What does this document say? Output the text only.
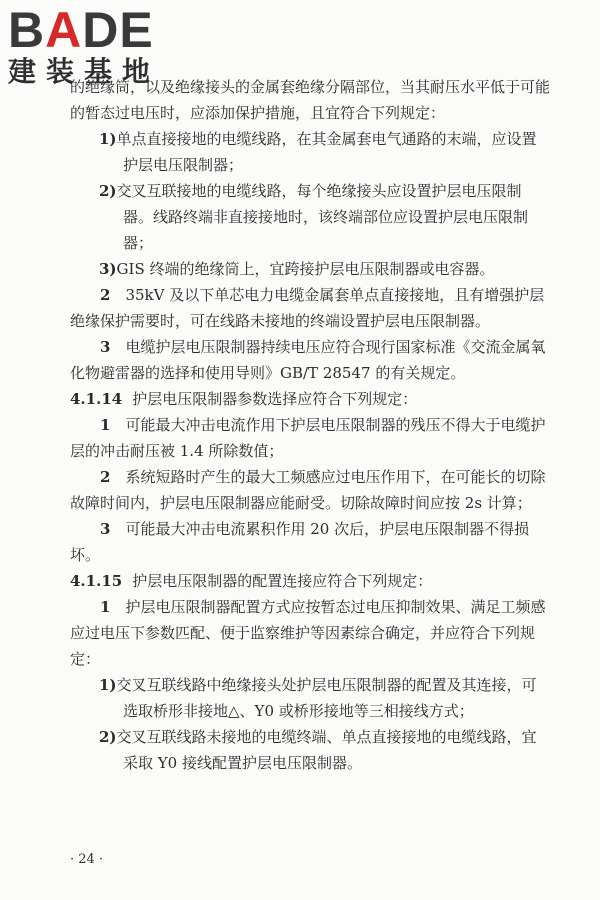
BADE
建装基地

的绝缘筒，以及绝缘接头的金属套绝缘分隔部位，当其耐压水平低于可能的暂态过电压时，应添加保护措施，且宜符合下列规定：

1)单点直接接地的电缆线路，在其金属套电气通路的末端，应设置护层电压限制器；

2)交叉互联接地的电缆线路，每个绝缘接头应设置护层电压限制器。线路终端非直接接地时，该终端部位应设置护层电压限制器；

3)GIS 终端的绝缘筒上，宜跨接护层电压限制器或电容器。

2　 35kV 及以下单芯电力电缆金属套单点直接接地，且有增强护层绝缘保护需要时，可在线路未接地的终端设置护层电压限制器。

3　 电缆护层电压限制器持续电压应符合现行国家标准《交流金属氧化物避雷器的选择和使用导则》GB/T 28547 的有关规定。

4.1.14 护层电压限制器参数选择应符合下列规定：

1　 可能最大冲击电流作用下护层电压限制器的残压不得大于电缆护层的冲击耐压被 1.4 所除数值；

2　 系统短路时产生的最大工频感应过电压作用下，在可能长的切除故障时间内，护层电压限制器应能耐受。切除故障时间应按 2s 计算；

3　 可能最大冲击电流累积作用 20 次后，护层电压限制器不得损坏。

4.1.15 护层电压限制器的配置连接应符合下列规定：

1　 护层电压限制器配置方式应按暂态过电压抑制效果、满足工频感应过电压下参数匹配、便于监察维护等因素综合确定，并应符合下列规定：

1)交叉互联线路中绝缘接头处护层电压限制器的配置及其连接，可选取桥形非接地△、Y0 或桥形接地等三相接线方式；

2)交叉互联线路未接地的电缆终端、单点直接接地的电缆线路，宜采取 Y0 接线配置护层电压限制器。

· 24 ·
